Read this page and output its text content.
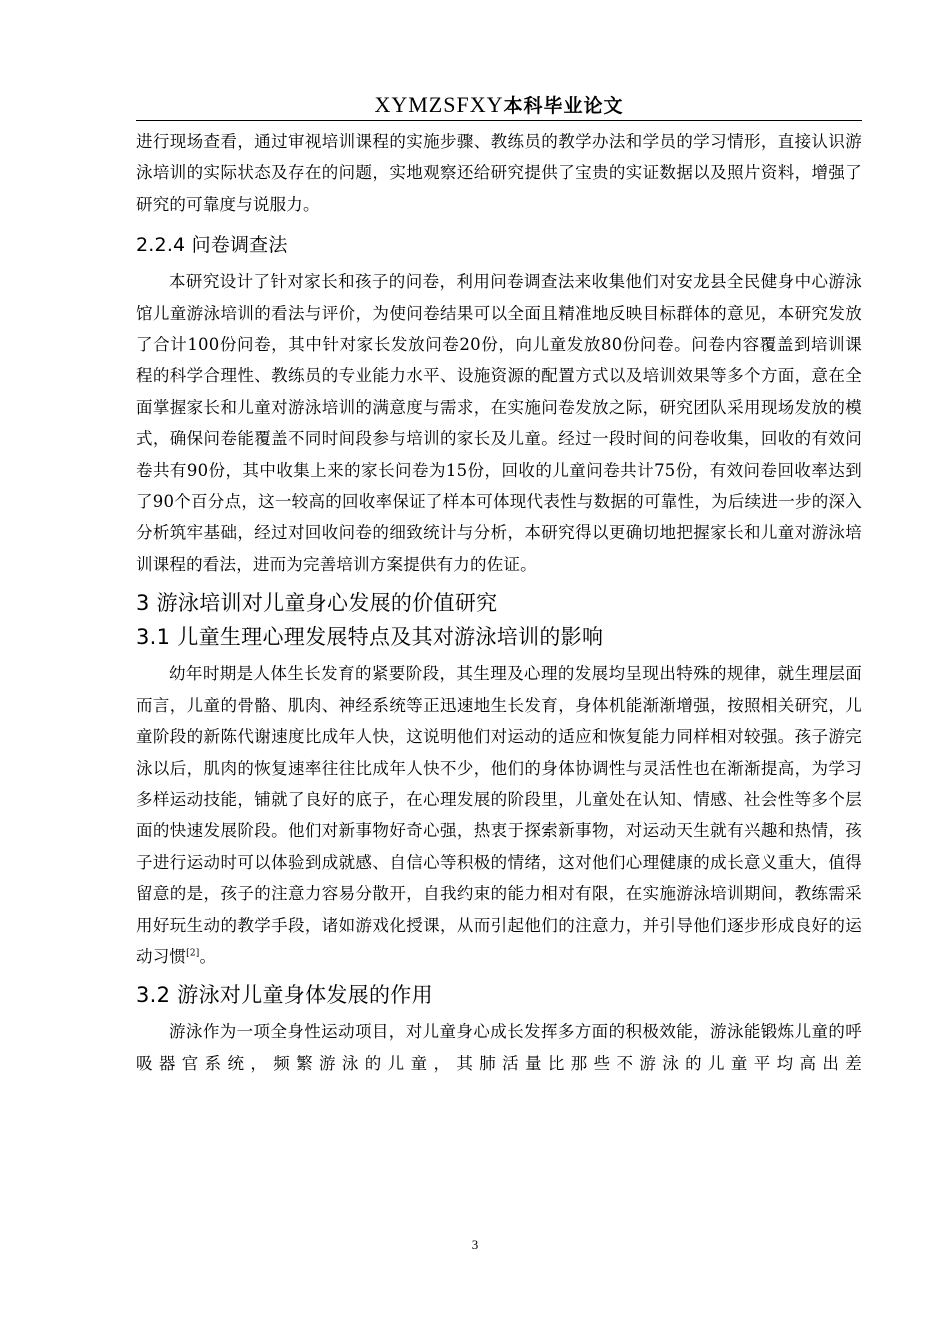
XYMZSFXY本科毕业论文

进行现场查看，通过审视培训课程的实施步骤、教练员的教学办法和学员的学习情形，直接认识游泳培训的实际状态及存在的问题，实地观察还给研究提供了宝贵的实证数据以及照片资料，增强了研究的可靠度与说服力。

2.2.4 问卷调查法

本研究设计了针对家长和孩子的问卷，利用问卷调查法来收集他们对安龙县全民健身中心游泳馆儿童游泳培训的看法与评价，为使问卷结果可以全面且精准地反映目标群体的意见，本研究发放了合计100份问卷，其中针对家长发放问卷20份，向儿童发放80份问卷。问卷内容覆盖到培训课程的科学合理性、教练员的专业能力水平、设施资源的配置方式以及培训效果等多个方面，意在全面掌握家长和儿童对游泳培训的满意度与需求，在实施问卷发放之际，研究团队采用现场发放的模式，确保问卷能覆盖不同时间段参与培训的家长及儿童。经过一段时间的问卷收集，回收的有效问卷共有90份，其中收集上来的家长问卷为15份，回收的儿童问卷共计75份，有效问卷回收率达到了90个百分点，这一较高的回收率保证了样本可体现代表性与数据的可靠性，为后续进一步的深入分析筑牢基础，经过对回收问卷的细致统计与分析，本研究得以更确切地把握家长和儿童对游泳培训课程的看法，进而为完善培训方案提供有力的佐证。

3 游泳培训对儿童身心发展的价值研究
3.1 儿童生理心理发展特点及其对游泳培训的影响

幼年时期是人体生长发育的紧要阶段，其生理及心理的发展均呈现出特殊的规律，就生理层面而言，儿童的骨骼、肌肉、神经系统等正迅速地生长发育，身体机能渐渐增强，按照相关研究，儿童阶段的新陈代谢速度比成年人快，这说明他们对运动的适应和恢复能力同样相对较强。孩子游完泳以后，肌肉的恢复速率往往比成年人快不少，他们的身体协调性与灵活性也在渐渐提高，为学习多样运动技能，铺就了良好的底子，在心理发展的阶段里，儿童处在认知、情感、社会性等多个层面的快速发展阶段。他们对新事物好奇心强，热衷于探索新事物，对运动天生就有兴趣和热情，孩子进行运动时可以体验到成就感、自信心等积极的情绪，这对他们心理健康的成长意义重大，值得留意的是，孩子的注意力容易分散开，自我约束的能力相对有限，在实施游泳培训期间，教练需采用好玩生动的教学手段，诸如游戏化授课，从而引起他们的注意力，并引导他们逐步形成良好的运动习惯[2]。

3.2 游泳对儿童身体发展的作用

游泳作为一项全身性运动项目，对儿童身心成长发挥多方面的积极效能，游泳能锻炼儿童的呼吸器官系统，频繁游泳的儿童，其肺活量比那些不游泳的儿童平均高出差

3
